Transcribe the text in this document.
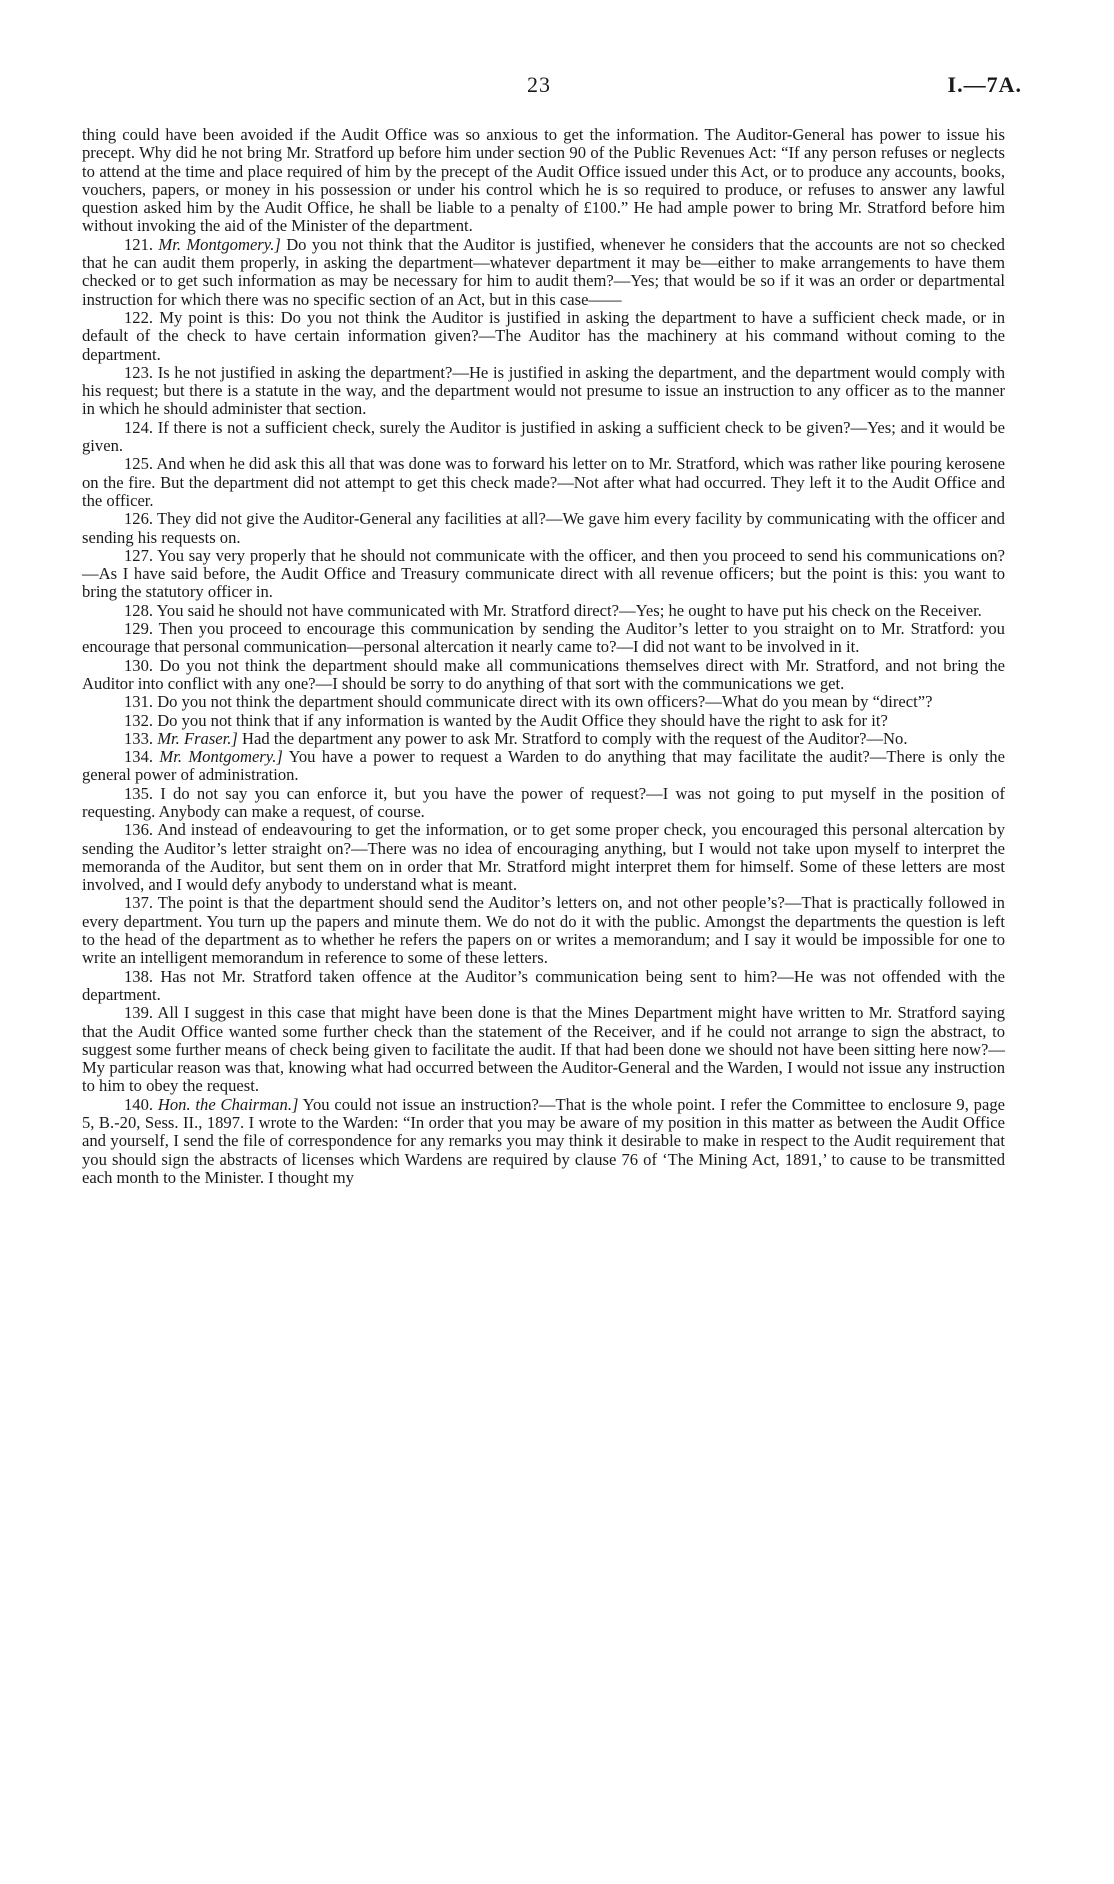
23	I.—7A.

thing could have been avoided if the Audit Office was so anxious to get the information. The Auditor-General has power to issue his precept. Why did he not bring Mr. Stratford up before him under section 90 of the Public Revenues Act: “If any person refuses or neglects to attend at the time and place required of him by the precept of the Audit Office issued under this Act, or to produce any accounts, books, vouchers, papers, or money in his possession or under his control which he is so required to produce, or refuses to answer any lawful question asked him by the Audit Office, he shall be liable to a penalty of £100.” He had ample power to bring Mr. Stratford before him without invoking the aid of the Minister of the department.

121. Mr. Montgomery.] Do you not think that the Auditor is justified, whenever he considers that the accounts are not so checked that he can audit them properly, in asking the department—whatever department it may be—either to make arrangements to have them checked or to get such information as may be necessary for him to audit them?—Yes; that would be so if it was an order or departmental instruction for which there was no specific section of an Act, but in this case——

122. My point is this: Do you not think the Auditor is justified in asking the department to have a sufficient check made, or in default of the check to have certain information given?—The Auditor has the machinery at his command without coming to the department.

123. Is he not justified in asking the department?—He is justified in asking the department, and the department would comply with his request; but there is a statute in the way, and the department would not presume to issue an instruction to any officer as to the manner in which he should administer that section.

124. If there is not a sufficient check, surely the Auditor is justified in asking a sufficient check to be given?—Yes; and it would be given.

125. And when he did ask this all that was done was to forward his letter on to Mr. Stratford, which was rather like pouring kerosene on the fire. But the department did not attempt to get this check made?—Not after what had occurred. They left it to the Audit Office and the officer.

126. They did not give the Auditor-General any facilities at all?—We gave him every facility by communicating with the officer and sending his requests on.

127. You say very properly that he should not communicate with the officer, and then you proceed to send his communications on?—As I have said before, the Audit Office and Treasury communicate direct with all revenue officers; but the point is this: you want to bring the statutory officer in.

128. You said he should not have communicated with Mr. Stratford direct?—Yes; he ought to have put his check on the Receiver.

129. Then you proceed to encourage this communication by sending the Auditor’s letter to you straight on to Mr. Stratford: you encourage that personal communication—personal altercation it nearly came to?—I did not want to be involved in it.

130. Do you not think the department should make all communications themselves direct with Mr. Stratford, and not bring the Auditor into conflict with any one?—I should be sorry to do anything of that sort with the communications we get.

131. Do you not think the department should communicate direct with its own officers?—What do you mean by “direct”?

132. Do you not think that if any information is wanted by the Audit Office they should have the right to ask for it?

133. Mr. Fraser.] Had the department any power to ask Mr. Stratford to comply with the request of the Auditor?—No.

134. Mr. Montgomery.] You have a power to request a Warden to do anything that may facilitate the audit?—There is only the general power of administration.

135. I do not say you can enforce it, but you have the power of request?—I was not going to put myself in the position of requesting. Anybody can make a request, of course.

136. And instead of endeavouring to get the information, or to get some proper check, you encouraged this personal altercation by sending the Auditor’s letter straight on?—There was no idea of encouraging anything, but I would not take upon myself to interpret the memoranda of the Auditor, but sent them on in order that Mr. Stratford might interpret them for himself. Some of these letters are most involved, and I would defy anybody to understand what is meant.

137. The point is that the department should send the Auditor’s letters on, and not other people’s?—That is practically followed in every department. You turn up the papers and minute them. We do not do it with the public. Amongst the departments the question is left to the head of the department as to whether he refers the papers on or writes a memorandum; and I say it would be impossible for one to write an intelligent memorandum in reference to some of these letters.

138. Has not Mr. Stratford taken offence at the Auditor’s communication being sent to him?—He was not offended with the department.

139. All I suggest in this case that might have been done is that the Mines Department might have written to Mr. Stratford saying that the Audit Office wanted some further check than the statement of the Receiver, and if he could not arrange to sign the abstract, to suggest some further means of check being given to facilitate the audit. If that had been done we should not have been sitting here now?—My particular reason was that, knowing what had occurred between the Auditor-General and the Warden, I would not issue any instruction to him to obey the request.

140. Hon. the Chairman.] You could not issue an instruction?—That is the whole point. I refer the Committee to enclosure 9, page 5, B.-20, Sess. II., 1897. I wrote to the Warden: “In order that you may be aware of my position in this matter as between the Audit Office and yourself, I send the file of correspondence for any remarks you may think it desirable to make in respect to the Audit requirement that you should sign the abstracts of licenses which Wardens are required by clause 76 of ‘The Mining Act, 1891,’ to cause to be transmitted each month to the Minister. I thought my
